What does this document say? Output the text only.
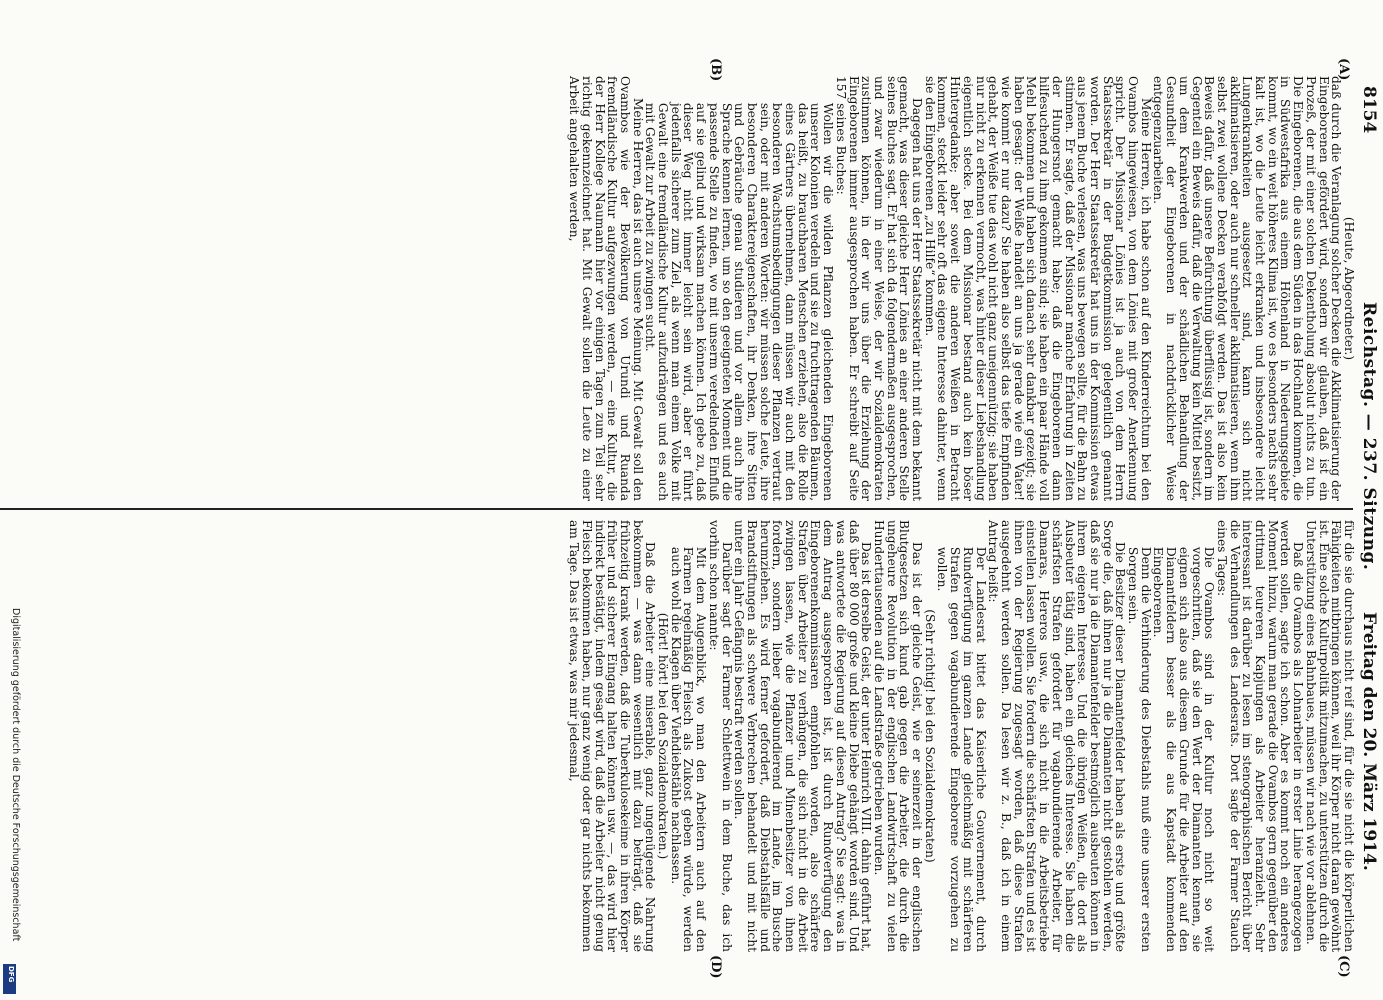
8154
Reichstag. — 237. Sitzung.
Freitag den 20. März 1914.
(A)
(B)
(C)
(D)

(Heute, Abgeordneter.)

daß durch die Veranlagung solcher Decken die Akklimatisierung der Eingeborenen gefördert wird, sondern wir glauben, daß ist ein Prozeß, der mit einer solchen Dekentholung absolut nichts zu tun. Die Eingeborenen, die aus dem Süden in das Hochland kommen, die in Südwestafrika aus einem Höhenland in Niederungsgebiete kommt, wo ein weit höheres Klima ist, wo es besonders nachts sehr kalt ist, wo die Leute leicht erkranken und insbesondere leicht Lungenkrankheiten ausgesetzt sind, kann sich nicht akklimatisieren, oder auch nur schneller akklimatisieren, wenn ihm selbst zwei wollene Decken verabfolgt werden. Das ist also kein Beweis dafür, daß unsere Befürchtung überflüssig ist, sondern im Gegenteil ein Beweis dafür, daß die Verwaltung kein Mittel besitzt, um dem Krankwerden und der schädlichen Behandlung der Gesundheit der Eingeborenen in nachdrücklicher Weise entgegenzuarbeiten.

Meine Herren, ich habe schon auf den Kinderreichtum bei den Ovambos hingewiesen, von dem Lönies mit großer Anerkennung spricht. Der Missionar Lönies ist ja auch von dem Herrn Staatssekretär in der Budgetkommission gelegentlich genannt worden. Der Herr Staatssekretär hat uns in der Kommission etwas aus jenem Buche verlesen, was uns bewegen sollte, für die Bahn zu stimmen. Er sagte, daß der Missionar manche Erfahrung in Zeiten der Hungersnot gemacht habe; daß die Eingeborenen dann hilfesuchend zu ihm gekommen sind; sie haben ein paar Hände voll Mehl bekommen und haben sich danach sehr dankbar gezeigt; sie haben gesagt: der Weiße handelt an uns ja gerade wie ein Vater! wie kommt er nur dazu? Sie haben also selbst das tiefe Empfinden gehabt, der Weiße tue das wohl nicht ganz uneigennützig; sie haben nur nicht zu erkennen vermocht, was hinter dieser Liebeshandlung eigentlich stecke. Bei dem Missionar bestand auch kein böser Hintergedanke; aber soweit die anderen Weißen in Betracht kommen, steckt leider sehr oft das eigene Interesse dahinter, wenn sie den Eingeborenen „zu Hilfe“ kommen.

Dagegen hat uns der Herr Staatssekretär nicht mit dem bekannt gemacht, was dieser gleiche Herr Lönies an einer anderen Stelle seines Buches sagt. Er hat sich da folgendermaßen ausgesprochen, und zwar wiederum in einer Weise, der wir Sozialdemokraten zustimmen können, in der wir uns über die Erziehung der Eingeborenen immer ausgesprochen haben. Er schreibt auf Seite 157 seines Buches:

Wollen wir die wilden Pflanzen gleichenden Eingeborenen unserer Kolonien veredeln und sie zu fruchttragenden Bäumen, das heißt, zu brauchbaren Menschen erziehen, also die Rolle eines Gärtners übernehmen, dann müssen wir auch mit den besonderen Wachstumsbedingungen dieser Pflanzen vertraut sein, oder mit anderen Worten: wir müssen solche Leute, ihre besonderen Charaktereigenschaften, ihr Denken, ihre Sitten und Gebräuche genau studieren und vor allem auch ihre Sprache kennen lernen, um so den geeigneten Moment und die passende Stelle zu finden, wo mit unserm veredelnden Einfluß auf sie gelind und wirksam machen können. Ich gebe zu, daß dieser Weg nicht immer leicht sein wird, aber er führt jedenfalls sicherer zum Ziel, als wenn man einem Volke mit Gewalt eine fremdländische Kultur aufzudrängen und es auch mit Gewalt zur Arbeit zu zwingen sucht.

Meine Herren, das ist auch unsere Meinung. Mit Gewalt soll den Ovambos wie der Bevölkerung von Urundi und Ruanda fremdländische Kultur aufgezwungen werden, — eine Kultur, die der Herr Kollege Naumann hier vor einigen Tagen zum Teil sehr richtig gekennzeichnet hat. Mit Gewalt sollen die Leute zu einer Arbeit angehalten werden,

für die sie durchaus nicht reif sind, für die sie nicht die körperlichen Fähigkeiten mitbringen können, weil ihr Körper nicht daran gewöhnt ist. Eine solche Kulturpolitik mitzumachen, zu unterstützen durch die Unterstützung eines Bahnbaues, müssen wir nach wie vor ablehnen.

Daß die Ovambos als Lohnarbeiter in erster Linie herangezogen werden sollen, sagte ich schon. Aber es kommt noch ein anderes Moment hinzu, warum man gerade die Ovambos gern gegenüber den drittmal teureren Kapjungen als Arbeiter heranzieht. Sehr interessant ist darüber zu lesen im stenographischen Bericht über die Verhandlungen des Landesrats. Dort sagte der Farmer Stauch eines Tages:

Die Ovambos sind in der Kultur noch nicht so weit vorgeschritten, daß sie den Wert der Diamanten kennen, sie eignen sich also aus diesem Grunde für die Arbeiter auf den Diamantfeldern besser als die aus Kapstadt kommenden Eingeborenen.

Denn die Verhinderung des Diebstahls muß eine unserer ersten Sorgen sein.

Die Besitzer dieser Diamantenfelder haben als erste und größte Sorge die, daß ihnen nur ja die Diamanten nicht gestohlen werden, daß sie nur ja die Diamantenfelder bestmöglich ausbeuten können in ihrem eigenen Interesse. Und die übrigen Weißen, die dort als Ausbeuter tätig sind, haben ein gleiches Interesse. Sie haben die schärfsten Strafen gefordert für vagabundierende Arbeiter, für Damaras, Hereros usw., die sich nicht in die Arbeitsbetriebe einstellen lassen wollen. Sie fordern die schärfsten Strafen und es ist ihnen von der Regierung zugesagt worden, daß diese Strafen ausgedehnt werden sollen. Da lesen wir z. B., daß ich in einem Antrag heißt:

Der Landesrat bittet das Kaiserliche Gouvernement, durch Rundverfügung im ganzen Lande gleichmäßig mit schärferen Strafen gegen vagabundierende Eingeborene vorzugehen zu wollen.

(Sehr richtig! bei den Sozialdemokraten)

Das ist der gleiche Geist, wie er seinerzeit in der englischen Blutgesetzen sich kund gab gegen die Arbeiter, die durch die ungeheure Revolution in der englischen Landwirtschaft zu vielen Hunderttausenden auf die Landstraße getrieben wurden.

Das ist derselbe Geist, der unter Heinrich VIII. dahin geführt hat, daß über 80 000 große und kleine Diebe gehängt worden sind. Und was antwortete die Regierung auf diesen Antrag? Sie sagt: was in dem Antrag ausgesprochen ist, ist durch Rundverfügung den Eingeborenenkommissaren empfohlen worden, also schärfere Strafen über Arbeiter zu verhängen, die sich nicht in die Arbeit zwingen lassen, wie die Pflanzer und Minenbesitzer von ihnen fordern, sondern lieber vagabundierend im Lande, im Busche herumziehen. Es wird ferner gefordert, daß Diebstahlsfälle und Brandstiftungen als schwere Verbrechen behandelt und mit nicht unter ein Jahr Gefängnis bestraft werden sollen.

Darüber sagt der Farmer Schlettwein in dem Buche, das ich vorhin schon nannte:

Mit dem Augenblick, wo man den Arbeitern auch auf den Farmen regelmäßig Fleisch als Zukost geben würde, werden auch wohl die Klagen über Viehdiebstähle nachlassen.

(Hört! hört! bei den Sozialdemokraten.)

Daß die Arbeiter eine miserable, ganz ungenügende Nahrung bekommen — was dann wesentlich mit dazu beiträgt, daß sie frühzeitig krank werden, daß die Tuberkulosekeime in ihren Körper früher und sicherer Eingang halten können usw. —, das wird hier indirekt bestätigt, indem gesagt wird, daß die Arbeiter nicht genug Fleisch bekommen haben, nur ganz wenig oder gar nichts bekommen am Tage. Das ist etwas, was mir jedesmal,

Digitalisierung gefördert durch die Deutsche Forschungsgemeinschaft
DFG
